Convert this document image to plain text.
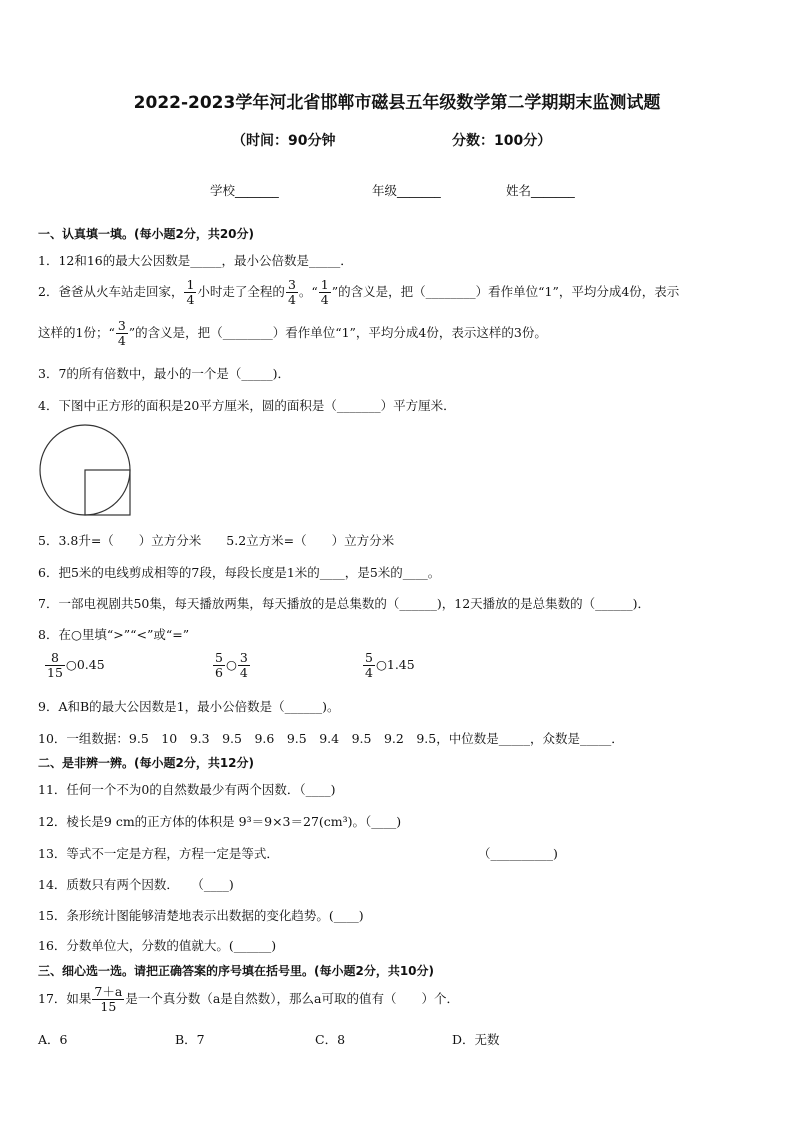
2022-2023学年河北省邯郸市磁县五年级数学第二学期期末监测试题
（时间：90分钟	分数：100分）
学校_______	年级_______	姓名_______
一、认真填一填。(每小题2分，共20分)
1．12和16的最大公因数是_____，最小公倍数是_____．
2．爸爸从火车站走回家， $\frac{1}{4}$ 小时走了全程的 $\frac{3}{4}$ 。“ $\frac{1}{4}$ ”的含义是，把（________）看作单位“1”，平均分成4份，表示
这样的1份；“ $\frac{3}{4}$ ”的含义是，把（________）看作单位“1”，平均分成4份，表示这样的3份。
3．7的所有倍数中，最小的一个是（_____)．
4．下图中正方形的面积是20平方厘米，圆的面积是（_______）平方厘米．
5．3.8升=（　　）立方分米　　5.2立方米=（　　）立方分米
6．把5米的电线剪成相等的7段，每段长度是1米的____，是5米的____。
7．一部电视剧共50集，每天播放两集，每天播放的是总集数的（______)，12天播放的是总集数的（______)．
8．在○里填“>”“<”或“=”
$\frac{8}{15}$ ○0.45	$\frac{5}{6}$ ○ $\frac{3}{4}$	$\frac{5}{4}$ ○1.45
9．A和B的最大公因数是1，最小公倍数是（______)。
10．一组数据：9.5　10　9.3　9.5　9.6　9.5　9.4　9.5　9.2　9.5，中位数是_____，众数是_____．
二、是非辨一辨。(每小题2分，共12分)
11．任何一个不为0的自然数最少有两个因数．（____)
12．棱长是9 cm的正方体的体积是 9³＝9×3＝27(cm³)。（____)
13．等式不一定是方程，方程一定是等式．	（__________)
14．质数只有两个因数．　　（____)
15．条形统计图能够清楚地表示出数据的变化趋势。(____)
16．分数单位大，分数的值就大。(______)
三、细心选一选。请把正确答案的序号填在括号里。(每小题2分，共10分)
17．如果 $\frac{7+a}{15}$ 是一个真分数（a是自然数），那么a可取的值有（　　）个．
A．6	B．7	C．8	D．无数
